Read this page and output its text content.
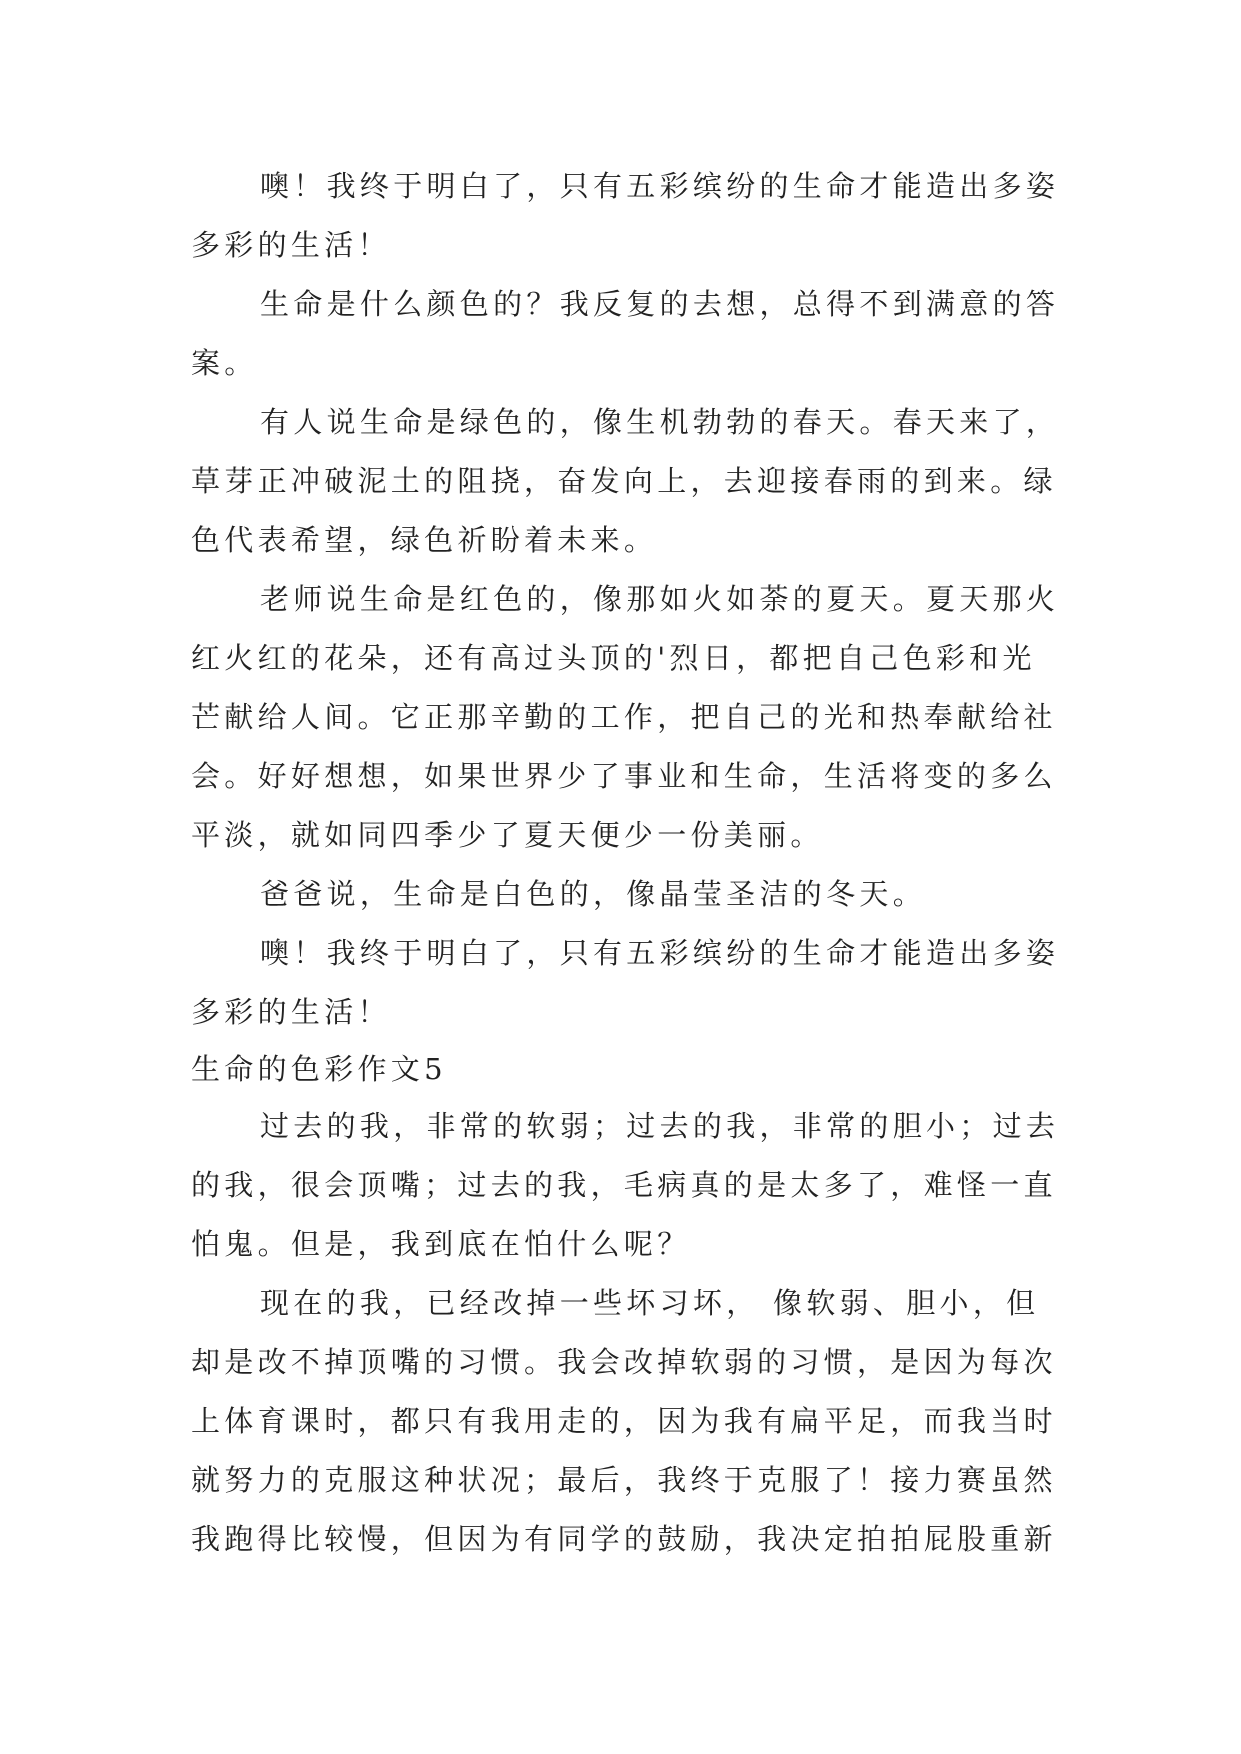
噢！我终于明白了，只有五彩缤纷的生命才能造出多姿
多彩的生活！

生命是什么颜色的？我反复的去想，总得不到满意的答
案。

有人说生命是绿色的，像生机勃勃的春天。春天来了，
草芽正冲破泥土的阻挠，奋发向上，去迎接春雨的到来。绿
色代表希望，绿色祈盼着未来。

老师说生命是红色的，像那如火如荼的夏天。夏天那火
红火红的花朵，还有高过头顶的'烈日，都把自己色彩和光
芒献给人间。它正那辛勤的工作，把自己的光和热奉献给社
会。好好想想，如果世界少了事业和生命，生活将变的多么
平淡，就如同四季少了夏天便少一份美丽。

爸爸说，生命是白色的，像晶莹圣洁的冬天。

噢！我终于明白了，只有五彩缤纷的生命才能造出多姿
多彩的生活！

生命的色彩作文5

过去的我，非常的软弱；过去的我，非常的胆小；过去
的我，很会顶嘴；过去的我，毛病真的是太多了，难怪一直
怕鬼。但是，我到底在怕什么呢？

现在的我，已经改掉一些坏习坏， 像软弱、胆小，但
却是改不掉顶嘴的习惯。我会改掉软弱的习惯，是因为每次
上体育课时，都只有我用走的，因为我有扁平足，而我当时
就努力的克服这种状况；最后，我终于克服了！接力赛虽然
我跑得比较慢，但因为有同学的鼓励，我决定拍拍屁股重新
